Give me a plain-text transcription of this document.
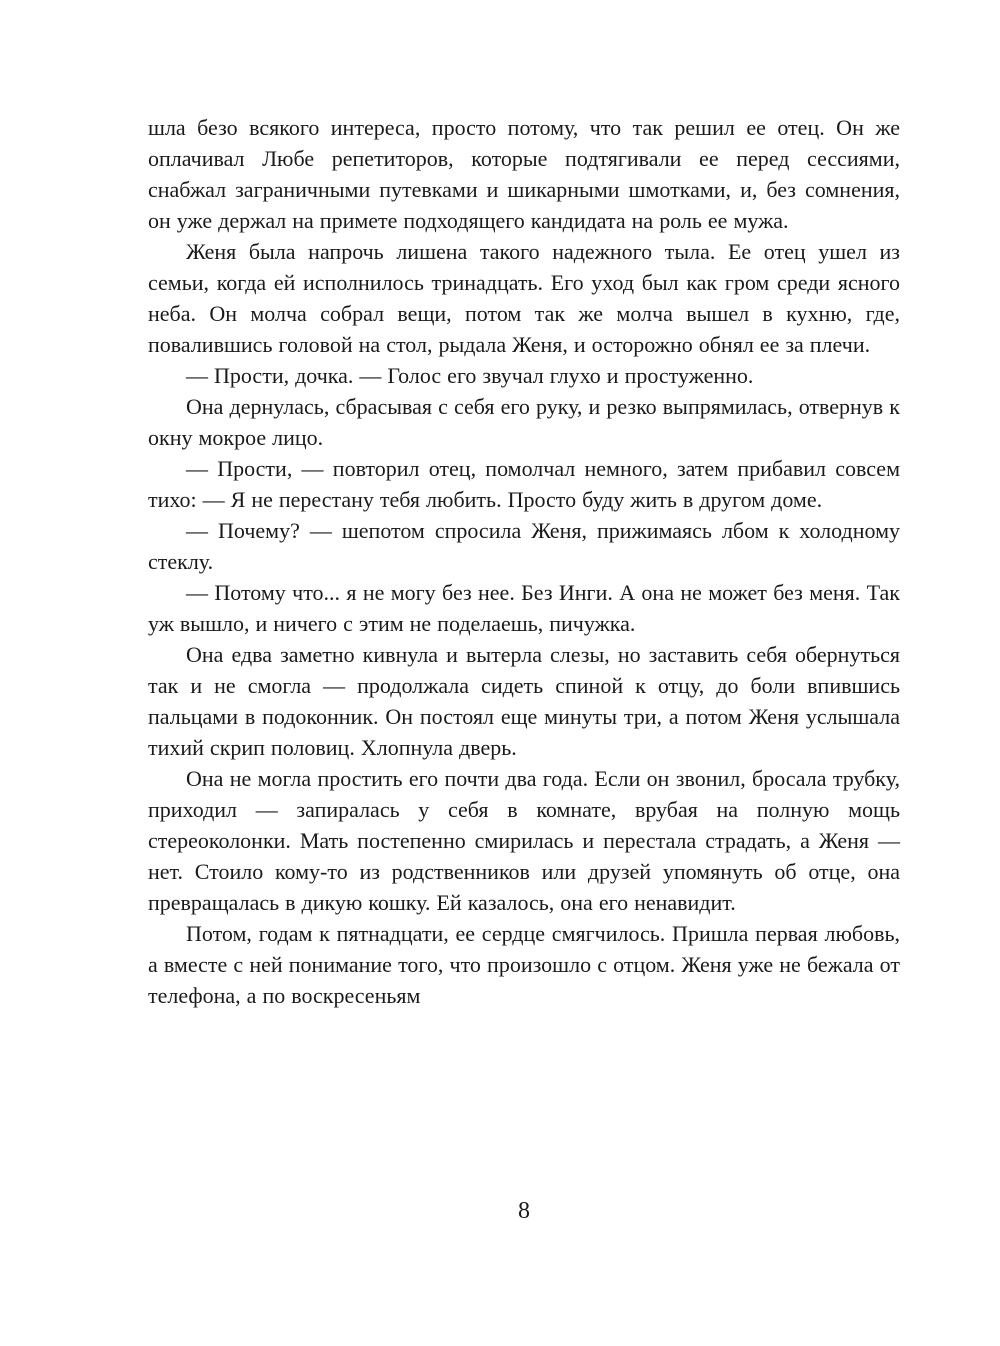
шла безо всякого интереса, просто потому, что так решил ее отец. Он же оплачивал Любе репетиторов, которые подтягивали ее перед сессиями, снабжал заграничными путевками и шикарными шмотками, и, без сомнения, он уже держал на примете подходящего кандидата на роль ее мужа.

Женя была напрочь лишена такого надежного тыла. Ее отец ушел из семьи, когда ей исполнилось тринадцать. Его уход был как гром среди ясного неба. Он молча собрал вещи, потом так же молча вышел в кухню, где, повалившись головой на стол, рыдала Женя, и осторожно обнял ее за плечи.

— Прости, дочка. — Голос его звучал глухо и простуженно.

Она дернулась, сбрасывая с себя его руку, и резко выпрямилась, отвернув к окну мокрое лицо.

— Прости, — повторил отец, помолчал немного, затем прибавил совсем тихо: — Я не перестану тебя любить. Просто буду жить в другом доме.

— Почему? — шепотом спросила Женя, прижимаясь лбом к холодному стеклу.

— Потому что... я не могу без нее. Без Инги. А она не может без меня. Так уж вышло, и ничего с этим не поделаешь, пичужка.

Она едва заметно кивнула и вытерла слезы, но заставить себя обернуться так и не смогла — продолжала сидеть спиной к отцу, до боли впившись пальцами в подоконник. Он постоял еще минуты три, а потом Женя услышала тихий скрип половиц. Хлопнула дверь.

Она не могла простить его почти два года. Если он звонил, бросала трубку, приходил — запиралась у себя в комнате, врубая на полную мощь стереоколонки. Мать постепенно смирилась и перестала страдать, а Женя — нет. Стоило кому-то из родственников или друзей упомянуть об отце, она превращалась в дикую кошку. Ей казалось, она его ненавидит.

Потом, годам к пятнадцати, ее сердце смягчилось. Пришла первая любовь, а вместе с ней понимание того, что произошло с отцом. Женя уже не бежала от телефона, а по воскресеньям

8
